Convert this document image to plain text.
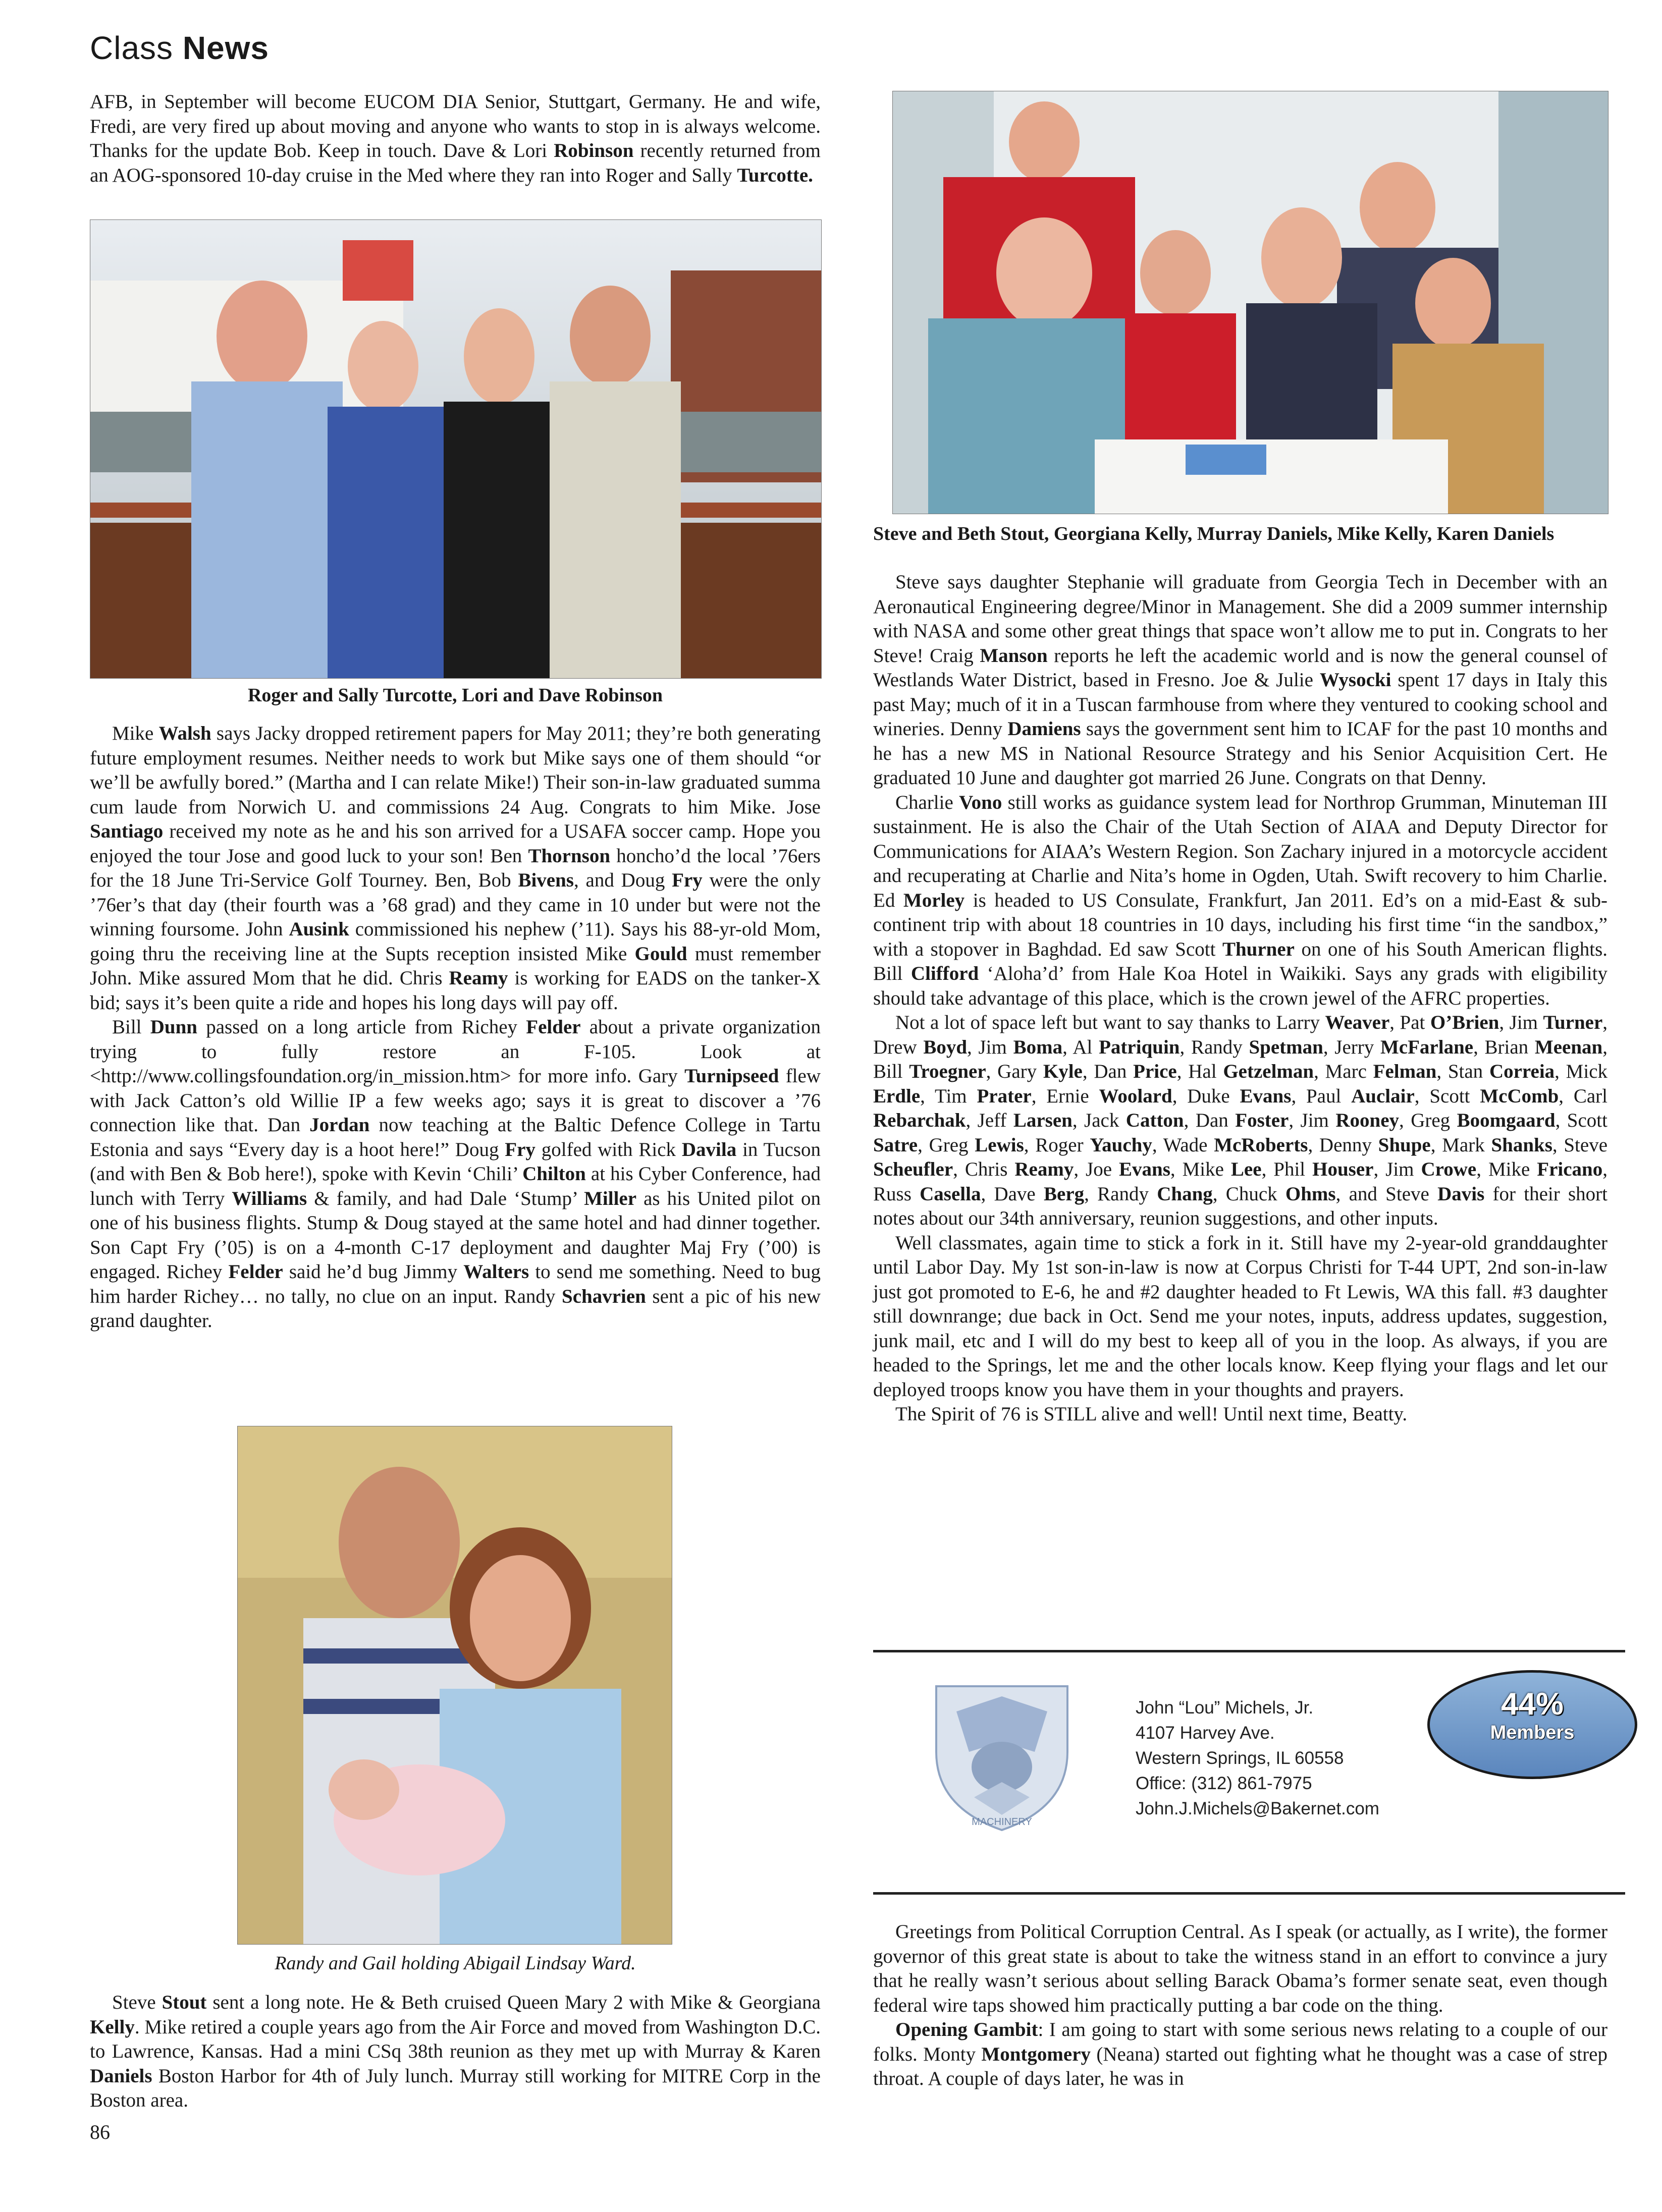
Class News

AFB, in September will become EUCOM DIA Senior, Stuttgart, Germany. He and wife, Fredi, are very fired up about moving and anyone who wants to stop in is always welcome. Thanks for the update Bob. Keep in touch. Dave & Lori Robinson recently returned from an AOG-sponsored 10-day cruise in the Med where they ran into Roger and Sally Turcotte.

Roger and Sally Turcotte, Lori and Dave Robinson

Mike Walsh says Jacky dropped retirement papers for May 2011; they’re both generating future employment resumes. Neither needs to work but Mike says one of them should “or we’ll be awfully bored.” (Martha and I can relate Mike!) Their son-in-law graduated summa cum laude from Norwich U. and commissions 24 Aug. Congrats to him Mike. Jose Santiago received my note as he and his son arrived for a USAFA soccer camp. Hope you enjoyed the tour Jose and good luck to your son! Ben Thornson honcho’d the local ’76ers for the 18 June Tri-Service Golf Tourney. Ben, Bob Bivens, and Doug Fry were the only ’76er’s that day (their fourth was a ’68 grad) and they came in 10 under but were not the winning foursome. John Ausink commissioned his nephew (’11). Says his 88-yr-old Mom, going thru the receiving line at the Supts reception insisted Mike Gould must remember John. Mike assured Mom that he did. Chris Reamy is working for EADS on the tanker-X bid; says it’s been quite a ride and hopes his long days will pay off.

Bill Dunn passed on a long article from Richey Felder about a private organization trying to fully restore an F-105. Look at <http://www.collingsfoundation.org/in_mission.htm> for more info. Gary Turnipseed flew with Jack Catton’s old Willie IP a few weeks ago; says it is great to discover a ’76 connection like that. Dan Jordan now teaching at the Baltic Defence College in Tartu Estonia and says “Every day is a hoot here!” Doug Fry golfed with Rick Davila in Tucson (and with Ben & Bob here!), spoke with Kevin ‘Chili’ Chilton at his Cyber Conference, had lunch with Terry Williams & family, and had Dale ‘Stump’ Miller as his United pilot on one of his business flights. Stump & Doug stayed at the same hotel and had dinner together. Son Capt Fry (’05) is on a 4-month C-17 deployment and daughter Maj Fry (’00) is engaged. Richey Felder said he’d bug Jimmy Walters to send me something. Need to bug him harder Richey… no tally, no clue on an input. Randy Schavrien sent a pic of his new grand daughter.

Randy and Gail holding Abigail Lindsay Ward.

Steve Stout sent a long note. He & Beth cruised Queen Mary 2 with Mike & Georgiana Kelly. Mike retired a couple years ago from the Air Force and moved from Washington D.C. to Lawrence, Kansas. Had a mini CSq 38th reunion as they met up with Murray & Karen Daniels Boston Harbor for 4th of July lunch. Murray still working for MITRE Corp in the Boston area.

86
Steve and Beth Stout, Georgiana Kelly, Murray Daniels, Mike Kelly, Karen Daniels

Steve says daughter Stephanie will graduate from Georgia Tech in December with an Aeronautical Engineering degree/Minor in Management. She did a 2009 summer internship with NASA and some other great things that space won’t allow me to put in. Congrats to her Steve! Craig Manson reports he left the academic world and is now the general counsel of Westlands Water District, based in Fresno. Joe & Julie Wysocki spent 17 days in Italy this past May; much of it in a Tuscan farmhouse from where they ventured to cooking school and wineries. Denny Damiens says the government sent him to ICAF for the past 10 months and he has a new MS in National Resource Strategy and his Senior Acquisition Cert. He graduated 10 June and daughter got married 26 June. Congrats on that Denny.

Charlie Vono still works as guidance system lead for Northrop Grumman, Minuteman III sustainment. He is also the Chair of the Utah Section of AIAA and Deputy Director for Communications for AIAA’s Western Region. Son Zachary injured in a motorcycle accident and recuperating at Charlie and Nita’s home in Ogden, Utah. Swift recovery to him Charlie. Ed Morley is headed to US Consulate, Frankfurt, Jan 2011. Ed’s on a mid-East & sub-continent trip with about 18 countries in 10 days, including his first time “in the sandbox,” with a stopover in Baghdad. Ed saw Scott Thurner on one of his South American flights. Bill Clifford ‘Aloha’d’ from Hale Koa Hotel in Waikiki. Says any grads with eligibility should take advantage of this place, which is the crown jewel of the AFRC properties.

Not a lot of space left but want to say thanks to Larry Weaver, Pat O’Brien, Jim Turner, Drew Boyd, Jim Boma, Al Patriquin, Randy Spetman, Jerry McFarlane, Brian Meenan, Bill Troegner, Gary Kyle, Dan Price, Hal Getzelman, Marc Felman, Stan Correia, Mick Erdle, Tim Prater, Ernie Woolard, Duke Evans, Paul Auclair, Scott McComb, Carl Rebarchak, Jeff Larsen, Jack Catton, Dan Foster, Jim Rooney, Greg Boomgaard, Scott Satre, Greg Lewis, Roger Yauchy, Wade McRoberts, Denny Shupe, Mark Shanks, Steve Scheufler, Chris Reamy, Joe Evans, Mike Lee, Phil Houser, Jim Crowe, Mike Fricano, Russ Casella, Dave Berg, Randy Chang, Chuck Ohms, and Steve Davis for their short notes about our 34th anniversary, reunion suggestions, and other inputs.

Well classmates, again time to stick a fork in it. Still have my 2-year-old granddaughter until Labor Day. My 1st son-in-law is now at Corpus Christi for T-44 UPT, 2nd son-in-law just got promoted to E-6, he and #2 daughter headed to Ft Lewis, WA this fall. #3 daughter still downrange; due back in Oct. Send me your notes, inputs, address updates, suggestion, junk mail, etc and I will do my best to keep all of you in the loop. As always, if you are headed to the Springs, let me and the other locals know. Keep flying your flags and let our deployed troops know you have them in your thoughts and prayers.

The Spirit of 76 is STILL alive and well! Until next time, Beatty.

MACHINERY
John “Lou” Michels, Jr.
4107 Harvey Ave.
Western Springs, IL 60558
Office: (312) 861-7975
John.J.Michels@Bakernet.com
44%
Members

Greetings from Political Corruption Central. As I speak (or actually, as I write), the former governor of this great state is about to take the witness stand in an effort to convince a jury that he really wasn’t serious about selling Barack Obama’s former senate seat, even though federal wire taps showed him practically putting a bar code on the thing.

Opening Gambit: I am going to start with some serious news relating to a couple of our folks. Monty Montgomery (Neana) started out fighting what he thought was a case of strep throat. A couple of days later, he was in
